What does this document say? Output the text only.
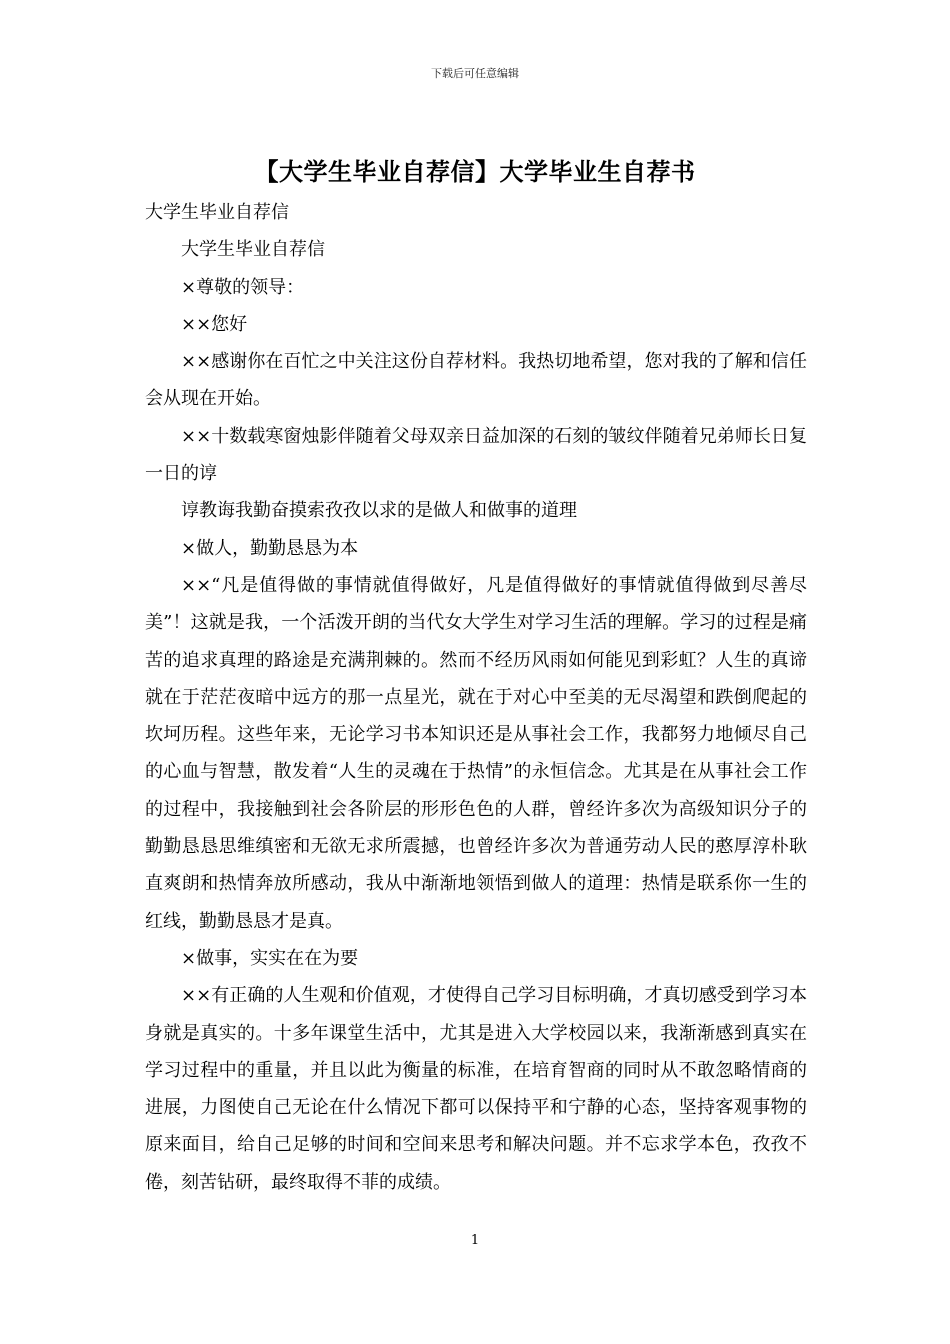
下载后可任意编辑
【大学生毕业自荐信】大学毕业生自荐书

大学生毕业自荐信

大学生毕业自荐信

×尊敬的领导：

××您好

××感谢你在百忙之中关注这份自荐材料。我热切地希望，您对我的了解和信任会从现在开始。

××十数载寒窗烛影伴随着父母双亲日益加深的石刻的皱纹伴随着兄弟师长日复一日的谆

谆教诲我勤奋摸索孜孜以求的是做人和做事的道理

×做人，勤勤恳恳为本

××“凡是值得做的事情就值得做好，凡是值得做好的事情就值得做到尽善尽美”！这就是我，一个活泼开朗的当代女大学生对学习生活的理解。学习的过程是痛苦的追求真理的路途是充满荆棘的。然而不经历风雨如何能见到彩虹？人生的真谛就在于茫茫夜暗中远方的那一点星光，就在于对心中至美的无尽渴望和跌倒爬起的坎坷历程。这些年来，无论学习书本知识还是从事社会工作，我都努力地倾尽自己的心血与智慧，散发着“人生的灵魂在于热情”的永恒信念。尤其是在从事社会工作的过程中，我接触到社会各阶层的形形色色的人群，曾经许多次为高级知识分子的勤勤恳恳思维缜密和无欲无求所震撼，也曾经许多次为普通劳动人民的憨厚淳朴耿直爽朗和热情奔放所感动，我从中渐渐地领悟到做人的道理：热情是联系你一生的红线，勤勤恳恳才是真。

×做事，实实在在为要

××有正确的人生观和价值观，才使得自己学习目标明确，才真切感受到学习本身就是真实的。十多年课堂生活中，尤其是进入大学校园以来，我渐渐感到真实在学习过程中的重量，并且以此为衡量的标准，在培育智商的同时从不敢忽略情商的进展，力图使自己无论在什么情况下都可以保持平和宁静的心态，坚持客观事物的原来面目，给自己足够的时间和空间来思考和解决问题。并不忘求学本色，孜孜不倦，刻苦钻研，最终取得不菲的成绩。

1
